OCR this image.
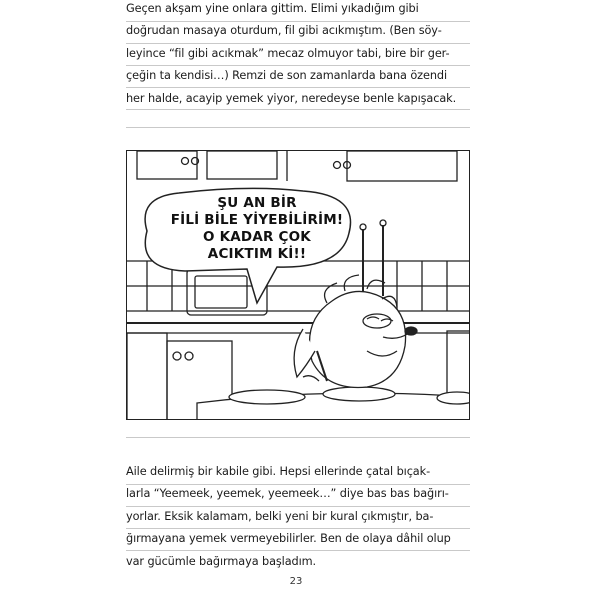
Geçen akşam yine onlara gittim. Elimi yıkadığım gibi
doğrudan masaya oturdum, fil gibi acıkmıştım. (Ben söy-
leyince “fil gibi acıkmak” mecaz olmuyor tabi, bire bir ger-
çeğin ta kendisi…) Remzi de son zamanlarda bana özendi
her halde, acayip yemek yiyor, neredeyse benle kapışacak.
ŞU AN BİR
FİLİ BİLE YİYEBİLİRİM!
O KADAR ÇOK
ACIKTIM Kİ!!
Aile delirmiş bir kabile gibi. Hepsi ellerinde çatal bıçak-
larla “Yeemeek, yeemek, yeemeek…” diye bas bas bağırı-
yorlar. Eksik kalamam, belki yeni bir kural çıkmıştır, ba-
ğırmayana yemek vermeyebilirler. Ben de olaya dâhil olup
var gücümle bağırmaya başladım.
23
